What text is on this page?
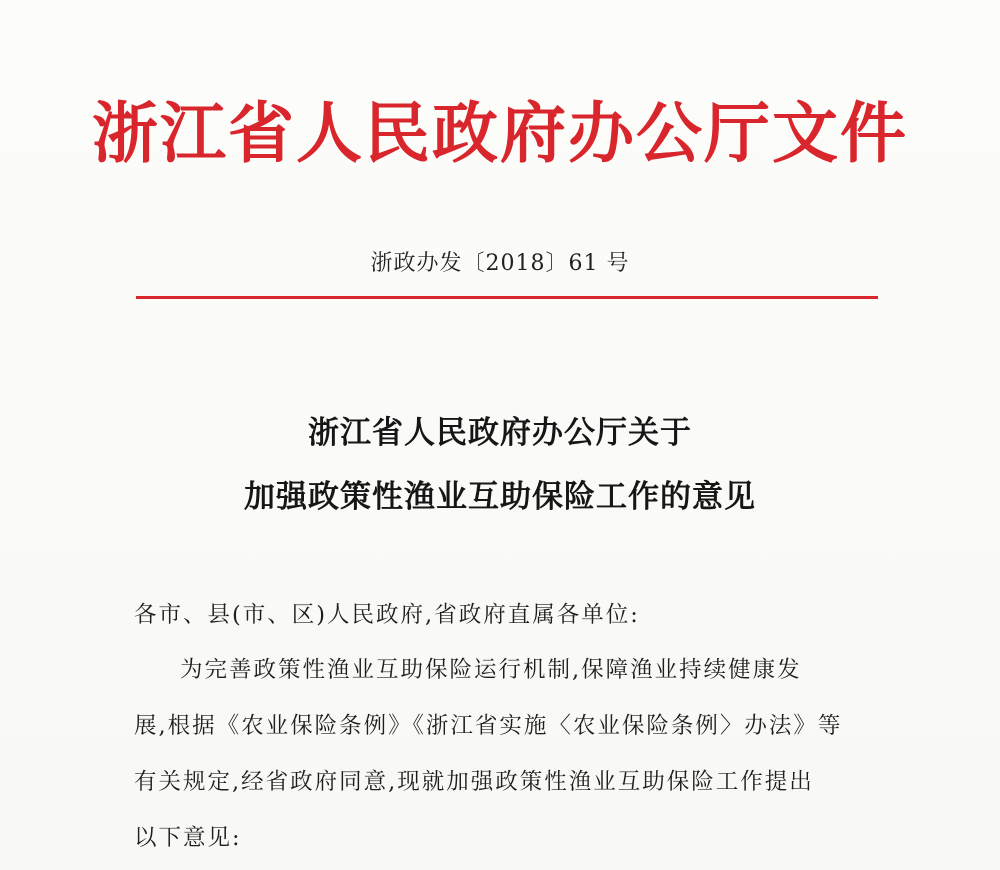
浙江省人民政府办公厅文件
浙政办发〔2018〕61 号
浙江省人民政府办公厅关于
加强政策性渔业互助保险工作的意见
各市、县(市、区)人民政府,省政府直属各单位:
为完善政策性渔业互助保险运行机制,保障渔业持续健康发
展,根据《农业保险条例》《浙江省实施〈农业保险条例〉办法》等
有关规定,经省政府同意,现就加强政策性渔业互助保险工作提出
以下意见:
